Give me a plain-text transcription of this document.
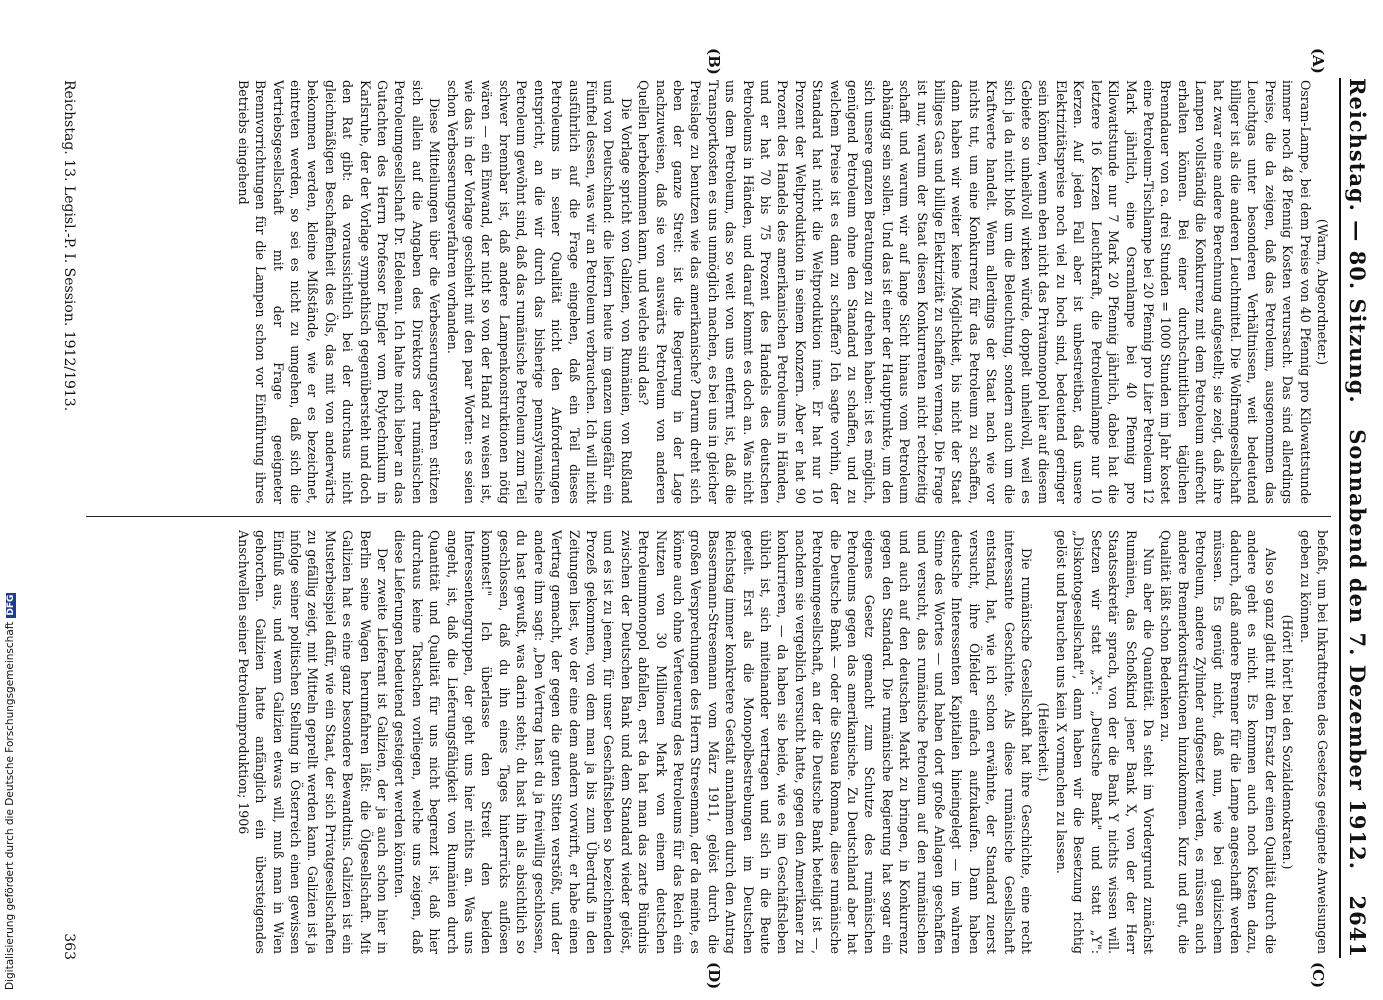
Reichstag. — 80. Sitzung.
Sonnabend den 7. Dezember 1912.
2641
(A)
(B)
(C)
(D)

(Warm, Abgeordneter.)

Osram-Lampe, bei dem Preise von 40 Pfennig pro Kilowattstunde immer noch 48 Pfennig Kosten verursacht. Das sind allerdings Preise, die da zeigen, daß das Petroleum, ausgenommen das Leuchtgas unter besonderen Verhältnissen, weit bedeutend billiger ist als die anderen Leuchtmittel. Die Wolframgesellschaft hat zwar eine andere Berechnung aufgestellt; sie zeigt, daß ihre Lampen vollständig die Konkurrenz mit dem Petroleum aufrecht erhalten können. Bei einer durchschnittlichen täglichen Brenndauer von ca. drei Stunden = 1000 Stunden im Jahr kostet eine Petroleum-Tischlampe bei 20 Pfennig pro Liter Petroleum 12 Mark jährlich, eine Osramlampe bei 40 Pfennig pro Kilowattstunde nur 7 Mark 20 Pfennig jährlich, dabei hat die letztere 16 Kerzen Leuchtkraft, die Petroleumlampe nur 10 Kerzen. Auf jeden Fall aber ist unbestreitbar, daß unsere Elektrizitätspreise noch viel zu hoch sind, bedeutend geringer sein könnten, wenn eben nicht das Privatmonopol hier auf diesem Gebiete so unheilvoll wirken würde, doppelt unheilvoll, weil es sich ja da nicht bloß um die Beleuchtung, sondern auch um die Kraftwerte handelt. Wenn allerdings der Staat nach wie vor nichts tut, um eine Konkurrenz für das Petroleum zu schaffen, dann haben wir weiter keine Möglichkeit, bis nicht der Staat billiges Gas und billige Elektrizität zu schaffen vermag. Die Frage ist nur, warum der Staat diesen Konkurrenten nicht rechtzeitig schafft und warum wir auf lange Sicht hinaus vom Petroleum abhängig sein sollen. Und das ist einer der Hauptpunkte, um den sich unsere ganzen Beratungen zu drehen haben: ist es möglich, genügend Petroleum ohne den Standard zu schaffen, und zu welchem Preise ist es dann zu schaffen? Ich sagte vorhin, der Standard hat nicht die Weltproduktion inne. Er hat nur 10 Prozent der Weltproduktion in seinem Konzern. Aber er hat 90 Prozent des Handels des amerikanischen Petroleums in Händen, und er hat 70 bis 75 Prozent des Handels des deutschen Petroleums in Händen, und darauf kommt es doch an. Was nicht uns dem Petroleum, das so weit von uns entfernt ist, daß die Transportkosten es uns unmöglich machen, es bei uns in gleicher Preislage zu benutzen wie das amerikanische? Darum dreht sich eben der ganze Streit: ist die Regierung in der Lage nachzuweisen, daß sie von auswärts Petroleum von anderen Quellen herbekommen kann, und welche sind das?

Die Vorlage spricht von Galizien, von Rumänien, von Rußland und von Deutschland: die liefern heute im ganzen ungefähr ein Fünftel dessen, was wir an Petroleum verbrauchen. Ich will nicht ausführlich auf die Frage eingehen, daß ein Teil dieses Petroleums in seiner Qualität nicht den Anforderungen entspricht, an die wir durch das bisherige pennsylvanische Petroleum gewöhnt sind, daß das rumänische Petroleum zum Teil schwer brennbar ist, daß andere Lampenkonstruktionen nötig wären — ein Einwand, der nicht so von der Hand zu weisen ist, wie das in der Vorlage geschieht mit den paar Worten: es seien schon Verbesserungsverfahren vorhanden.

Diese Mitteilungen über die Verbesserungsverfahren stützen sich allein auf die Angaben des Direktors der rumänischen Petroleumgesellschaft Dr. Edeleanu. Ich halte mich lieber an das Gutachten des Herrn Professor Engler vom Polytechnikum in Karlsruhe, der der Vorlage sympathisch gegenübersteht und doch den Rat gibt: da voraussichtlich bei der durchaus nicht gleichmäßigen Beschaffenheit des Öls, das mit von anderwärts bekommen werden, kleine Mißstände, wie er es bezeichnet, eintreten werden, so sei es nicht zu umgehen, daß sich die Vertriebsgesellschaft mit der Frage geeigneter Brennvorrichtungen für die Lampen schon vor Einführung ihres Betriebs eingehend

befaßt, um bei Inkrafttreten des Gesetzes geeignete Anweisungen geben zu können.

(Hört! hört! bei den Sozialdemokraten.)

Also so ganz glatt mit dem Ersatz der einen Qualität durch die andere geht es nicht. Es kommen auch noch Kosten dazu, dadurch, daß andere Brenner für die Lampe angeschafft werden müssen. Es genügt nicht, daß nun, wie bei galizischem Petroleum, andere Zylinder aufgesetzt werden, es müssen auch andere Brennerkonstruktionen hinzukommen. Kurz und gut, die Qualität läßt schon Bedenken zu.

Nun aber die Quantität. Da steht im Vordergrund zunächst Rumänien, das Schoßkind jener Bank X, von der der Herr Staatssekretär sprach, von der die Bank Y nichts wissen will. Setzen wir statt „X": „Deutsche Bank" und statt „Y": „Diskontogesellschaft", dann haben wir die Besetzung richtig gelöst und brauchen uns kein X vormachen zu lassen.

(Heiterkeit.)

Die rumänische Gesellschaft hat ihre Geschichte, eine recht interessante Geschichte. Als diese rumänische Gesellschaft entstand, hat, wie ich schon erwähnte, der Standard zuerst versucht, ihre Ölfelder einfach aufzukaufen. Dann haben deutsche Interessenten Kapitalien hineingelegt — im wahren Sinne des Wortes — und haben dort große Anlagen geschaffen und versucht, das rumänische Petroleum auf den rumänischen und auch auf den deutschen Markt zu bringen, in Konkurrenz gegen den Standard. Die rumänische Regierung hat sogar ein eigenes Gesetz gemacht zum Schutze des rumänischen Petroleums gegen das amerikanische. Zu Deutschland aber hat die Deutsche Bank — oder die Steaua Romana, diese rumänische Petroleumgesellschaft, an der die Deutsche Bank beteiligt ist —, nachdem sie vergeblich versucht hatte, gegen den Amerikaner zu konkurrieren, — da haben sie beide, wie es im Geschäftsleben üblich ist, sich miteinander vertragen und sich in die Beute geteilt. Erst als die Monopolbestrebungen im Deutschen Reichstag immer konkretere Gestalt annahmen durch den Antrag Bassermann-Stresemann vom März 1911, gelöst durch die großen Versprechungen des Herrn Stresemann, der da meinte, es könne auch ohne Verteuerung des Petroleums für das Reich ein Nutzen von 30 Millionen Mark von einem deutschen Petroleummonopol abfallen, erst da hat man das zarte Bündnis zwischen der Deutschen Bank und dem Standard wieder gelöst, und es ist zu jenem, für unser Geschäftsleben so bezeichnenden Prozeß gekommen, von dem man ja bis zum Überdruß in den Zeitungen liest, wo der eine dem andern vorwirft, er habe einen Vertrag gemacht, der gegen die guten Sitten verstößt, und der andere ihm sagt: „Den Vertrag hast du ja freiwillig geschlossen, du hast gewußt, was darin steht; du hast ihn als absichtlich so geschlossen, daß du ihn eines Tages hinterrücks auflösen konntest!" Ich überlasse den Streit den beiden Interessentengruppen, der geht uns hier nichts an. Was uns angeht, ist, daß die Lieferungsfähigkeit von Rumänien durch Quantität und Qualität für uns nicht begrenzt ist, daß hier durchaus keine Tatsachen vorliegen, welche uns zeigen, daß diese Lieferungen bedeutend gesteigert werden könnten.

Der zweite Lieferant ist Galizien, der ja auch schon hier in Berlin seine Wagen herumfahren läßt: die Ölgesellschaft. Mit Galizien hat es eine ganz besondere Bewandtnis. Galizien ist ein Musterbeispiel dafür, wie ein Staat, der sich Privatgesellschaften zu gefällig zeigt, mit Mitteln geprellt werden kann. Galizien ist ja infolge seiner politischen Stellung in Österreich einen gewissen Einfluß aus, und wenn Galizien etwas will, muß man in Wien gehorchen. Galizien hatte anfänglich ein übersteigendes Anschwellen seiner Petroleumproduktion; 1906

Reichstag. 13. Legisl.-P. I. Session. 1912/1913.
363
Digitalisierung gefördert durch die Deutsche ForschungsgemeinschaftDFG
